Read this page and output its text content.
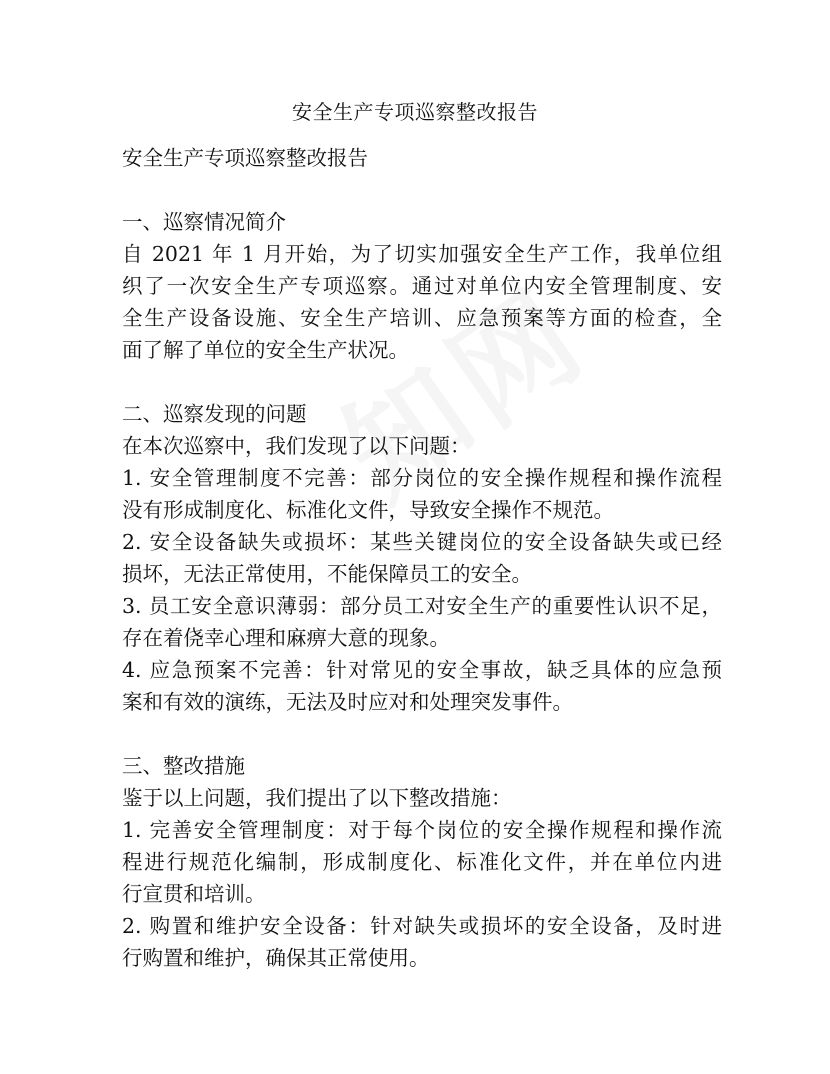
安全生产专项巡察整改报告
安全生产专项巡察整改报告
一、巡察情况简介
自 2021 年 1 月开始，为了切实加强安全生产工作，我单位组
织了一次安全生产专项巡察。通过对单位内安全管理制度、安
全生产设备设施、安全生产培训、应急预案等方面的检查，全
面了解了单位的安全生产状况。
二、巡察发现的问题
在本次巡察中，我们发现了以下问题：
1. 安全管理制度不完善：部分岗位的安全操作规程和操作流程
没有形成制度化、标准化文件，导致安全操作不规范。
2. 安全设备缺失或损坏：某些关键岗位的安全设备缺失或已经
损坏，无法正常使用，不能保障员工的安全。
3. 员工安全意识薄弱：部分员工对安全生产的重要性认识不足，
存在着侥幸心理和麻痹大意的现象。
4. 应急预案不完善：针对常见的安全事故，缺乏具体的应急预
案和有效的演练，无法及时应对和处理突发事件。
三、整改措施
鉴于以上问题，我们提出了以下整改措施：
1. 完善安全管理制度：对于每个岗位的安全操作规程和操作流
程进行规范化编制，形成制度化、标准化文件，并在单位内进
行宣贯和培训。
2. 购置和维护安全设备：针对缺失或损坏的安全设备，及时进
行购置和维护，确保其正常使用。
